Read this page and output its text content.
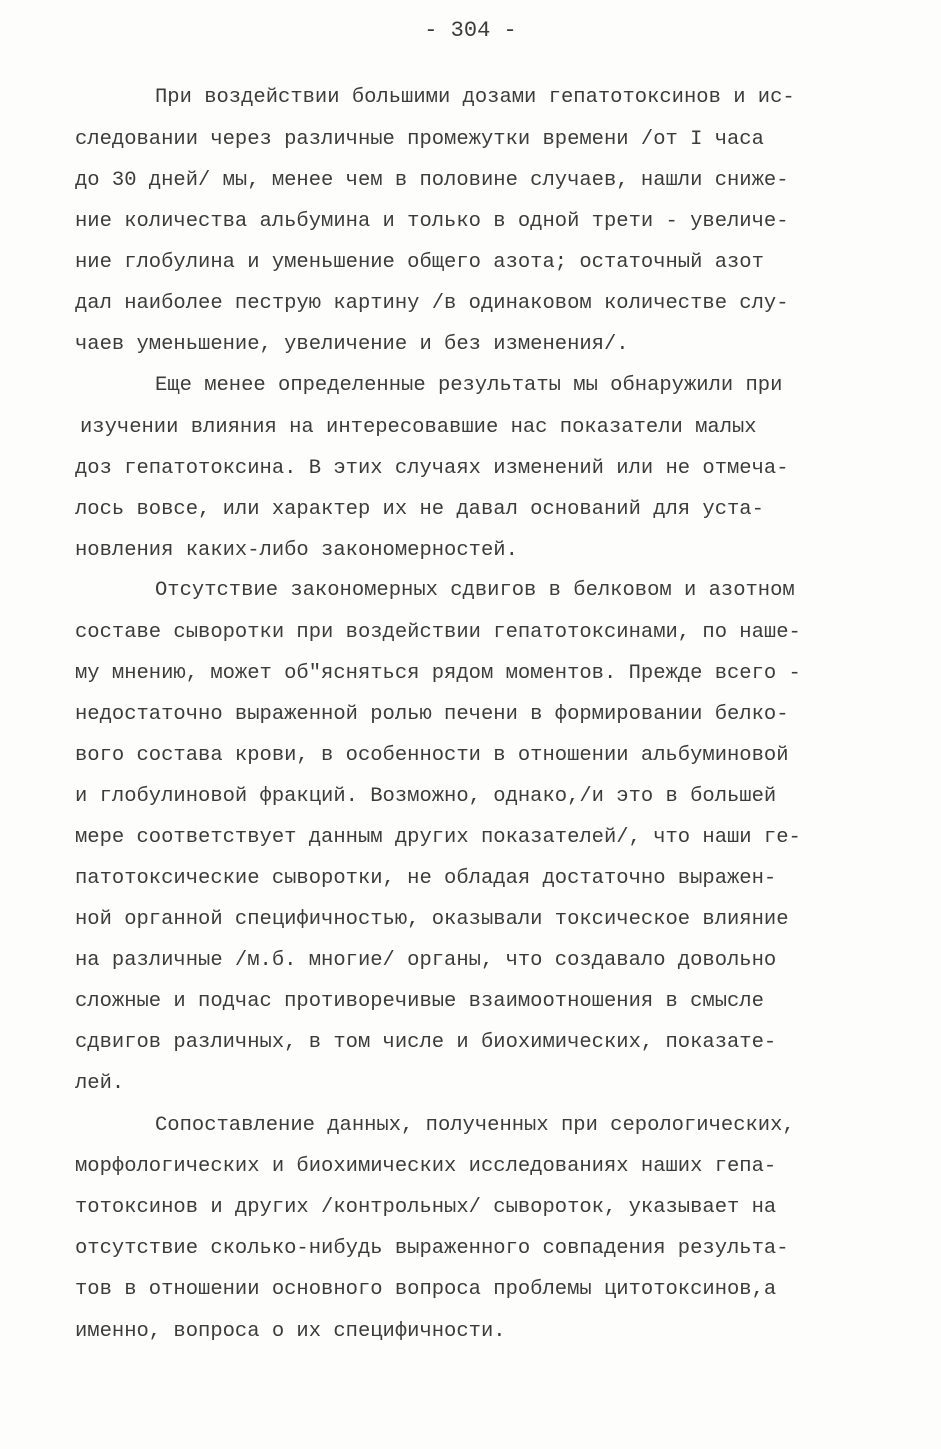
- 304 -
При воздействии большими дозами гепатотоксинов и ис-
следовании через различные промежутки времени /от I часа
до 30 дней/ мы, менее чем в половине случаев, нашли сниже-
ние количества альбумина и только в одной трети - увеличе-
ние глобулина и уменьшение общего азота; остаточный азот
дал наиболее пеструю картину /в одинаковом количестве слу-
чаев уменьшение, увеличение и без изменения/.
Еще менее определенные результаты мы обнаружили при
изучении влияния на интересовавшие нас показатели малых
доз гепатотоксина. В этих случаях изменений или не отмеча-
лось вовсе, или характер их не давал оснований для уста-
новления каких-либо закономерностей.
Отсутствие закономерных сдвигов в белковом и азотном
составе сыворотки при воздействии гепатотоксинами, по наше-
му мнению, может об"ясняться рядом моментов. Прежде всего -
недостаточно выраженной ролью печени в формировании белко-
вого состава крови, в особенности в отношении альбуминовой
и глобулиновой фракций. Возможно, однако,/и это в большей
мере соответствует данным других показателей/, что наши ге-
патотоксические сыворотки, не обладая достаточно выражен-
ной органной специфичностью, оказывали токсическое влияние
на различные /м.б. многие/ органы, что создавало довольно
сложные и подчас противоречивые взаимоотношения в смысле
сдвигов различных, в том числе и биохимических, показате-
лей.
Сопоставление данных, полученных при серологических,
морфологических и биохимических исследованиях наших гепа-
тотоксинов и других /контрольных/ сывороток, указывает на
отсутствие сколько-нибудь выраженного совпадения результа-
тов в отношении основного вопроса проблемы цитотоксинов,а
именно, вопроса о их специфичности.
